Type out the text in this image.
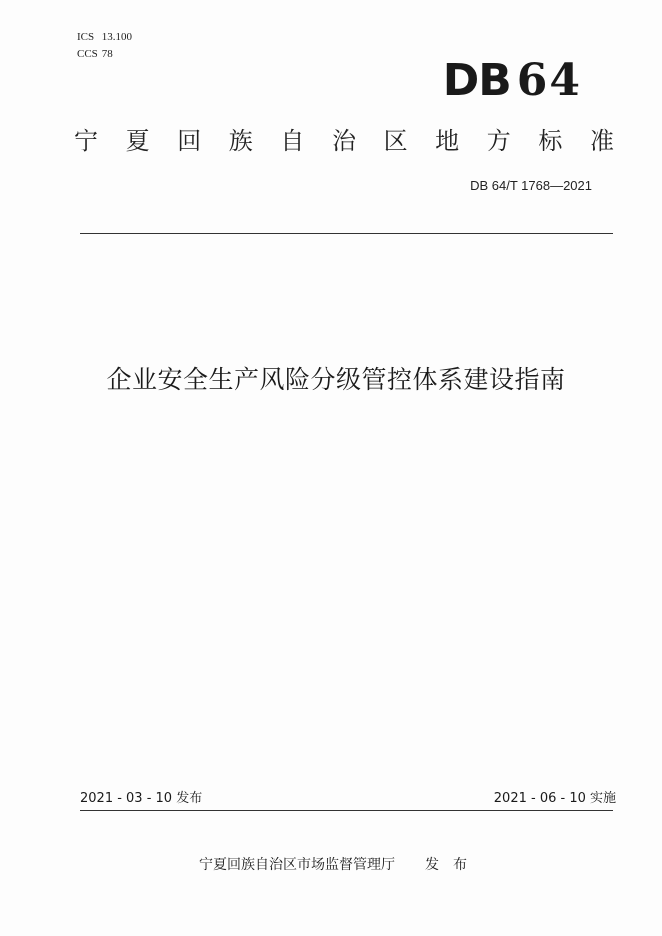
ICS 13.100
CCS 78
DB 64
宁 夏 回 族 自 治 区 地 方 标 准
DB 64/T 1768—2021
企业安全生产风险分级管控体系建设指南
2021 - 03 - 10 发布	2021 - 06 - 10 实施
宁夏回族自治区市场监督管理厅 发布
